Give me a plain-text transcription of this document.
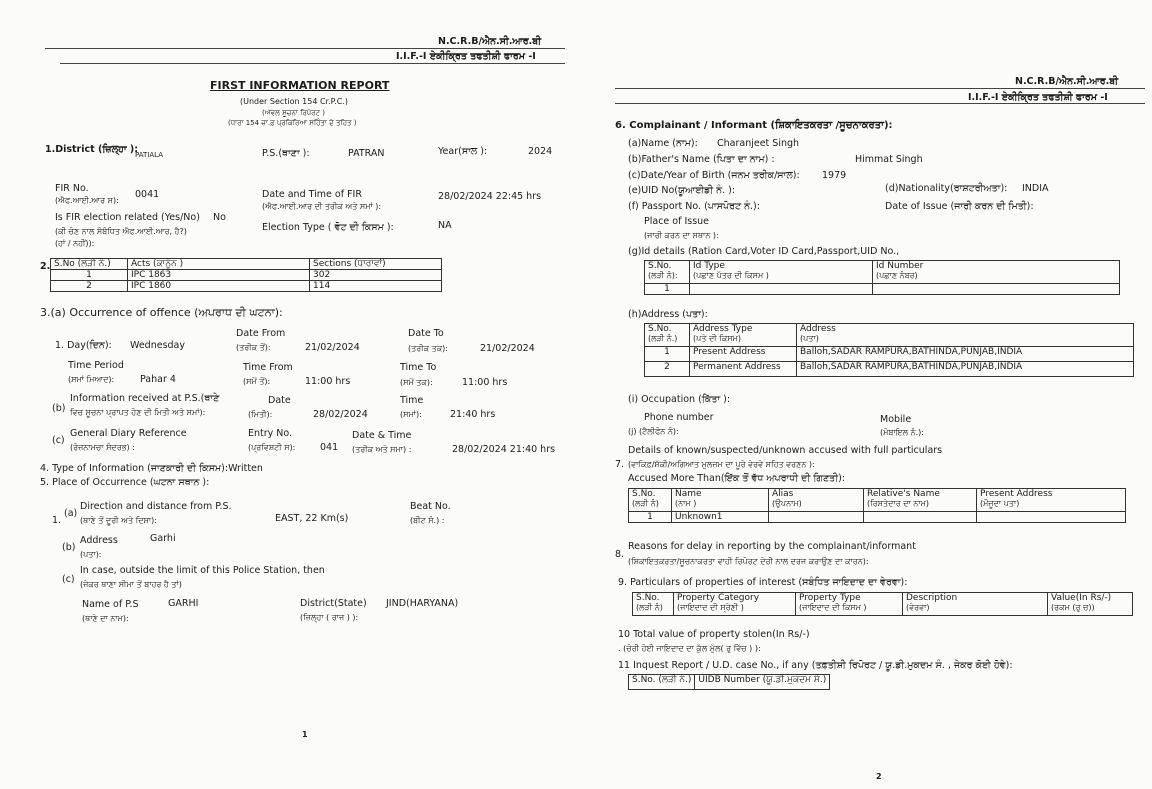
N.C.R.B/ਐਨ.ਸੀ.ਆਰ.ਬੀ
I.I.F.-I ਏਕੀਕ੍ਰਿਤ ਤਫਤੀਸ਼ੀ ਫਾਰਮ -I
FIRST INFORMATION REPORT
(Under Section 154 Cr.P.C.)
(ਅੱਵਲ ਸੂਚਨਾ ਰਿਪੋਰਟ )
(ਧਾਰਾ 154 ਜ਼ਾ.ਫ਼ ਪ੍ਰਕਿਰਿਆ ਸਹਿੰਤਾ ਦੇ ਤਹਿਤ )
1.District (ਜ਼ਿਲ੍ਹਾ ):
PATIALA	P.S.(ਥਾਣਾ ):	PATRAN	Year(ਸਾਲ ):	2024
FIR No.
(ਐਫ.ਆਈ.ਆਰ ਸ):
0041	Date and Time of FIR
(ਐਫ.ਆਈ.ਆਰ ਦੀ ਤਰੀਕ ਅਤੇ ਸਮਾਂ ):
28/02/2024 22:45 hrs
Is FIR election related (Yes/No) No
(ਕੀ ਚੋਣ ਨਾਲ ਸੰਬੰਧਿਤ ਐਫ.ਆਈ.ਆਰ, ਹੈ?)
(ਹਾਂ / ਨਹੀਂ)):
Election Type ( ਵੋਟ ਦੀ ਕਿਸਮ ):	NA
2. S.No (ਲੜੀ ਨੰ.)	Acts (ਕਾਨੂੰਨ )	Sections (ਧਾਰਾਵਾਂ)
1	IPC 1863	302
2	IPC 1860	114
3.(a) Occurrence of offence (ਅਪਰਾਧ ਦੀ ਘਟਨਾ):
1. Day(ਦਿਨ): Wednesday
Date From
(ਤਰੀਕ ਤੋਂ):	21/02/2024
Date To
(ਤਰੀਕ ਤਕ):	21/02/2024
Time Period
(ਸਮਾਂ ਮਿਆਦ):	Pahar 4
Time From
(ਸਮੇਂ ਤੋਂ):	11:00 hrs
Time To
(ਸਮੇਂ ਤਕ):	11:00 hrs
(b)
Information received at P.S.(ਥਾਣੇ
ਵਿਚ ਸੂਚਨਾ ਪ੍ਰਾਪਤ ਹੋਣ ਦੀ ਮਿਤੀ ਅਤੇ ਸਮਾਂ):
Date
(ਮਿਤੀ):	28/02/2024
Time
(ਸਮਾਂ):	21:40 hrs
(c)
General Diary Reference
(ਰੋਜ਼ਨਾਮਚਾ ਸੰਦਰਭ) :
Entry No.
(ਪ੍ਰਵਿਸ਼ਟੀ ਸ):	041
Date & Time
(ਤਰੀਕ ਅਤੇ ਸਮਾ) :	28/02/2024 21:40 hrs
4. Type of Information (ਜਾਣਕਾਰੀ ਦੀ ਕਿਸਮ):Written
5. Place of Occurrence (ਘਟਨਾ ਸਥਾਨ ):
1.
(a)
Direction and distance from P.S.
(ਥਾਣੇ ਤੋਂ ਦੂਰੀ ਅਤੇ ਦਿਸ਼ਾ):	EAST, 22 Km(s)
Beat No.
(ਬੀਟ ਸੰ.) :
(b)
Address
(ਪਤਾ):
Garhi
(c)
In case, outside the limit of this Police Station, then
(ਜੇਕਰ ਥਾਣਾ ਸੀਮਾ ਤੋਂ ਬਾਹਰ ਹੈ ਤਾਂ)
Name of P.S
(ਥਾਣੇ ਦਾ ਨਾਮ):
GARHI	District(State)
(ਜ਼ਿਲ੍ਹਾ ( ਰਾਜ ) ):
JIND(HARYANA)
1
N.C.R.B/ਐਨ.ਸੀ.ਆਰ.ਬੀ
I.I.F.-I ਏਕੀਕ੍ਰਿਤ ਤਫਤੀਸ਼ੀ ਫਾਰਮ -I
6. Complainant / Informant (ਸ਼ਿਕਾਇਤਕਰਤਾ /ਸੂਚਨਾਕਰਤਾ):
(a)Name (ਨਾਮ): Charanjeet Singh
(b)Father's Name (ਪਿਤਾ ਦਾ ਨਾਮ) :	Himmat Singh
(c)Date/Year of Birth (ਜਨਮ ਤਰੀਕ/ਸਾਲ): 1979
(e)UID No(ਯੂਆਈਡੀ ਨੰ. ):	(d)Nationality(ਰਾਸ਼ਟਰੀਅਤਾ): INDIA
(f) Passport No. (ਪਾਸਪੋਰਟ ਨੰ.):	Date of Issue (ਜਾਰੀ ਕਰਨ ਦੀ ਮਿਤੀ):
Place of Issue
(ਜਾਰੀ ਕਰਨ ਦਾ ਸਥਾਨ ):
(g)Id details (Ration Card,Voter ID Card,Passport,UID No.,
S.No.
(ਲੜੀ ਨੰ):	Id Type
(ਪਛਾਣ ਪੱਤਰ ਦੀ ਕਿਸਮ )	Id Number
(ਪਛਾਣ ਨੰਬਰ)
1		
(h)Address (ਪਤਾ):
S.No.
(ਲੜੀ ਨੰ.)	Address Type
(ਪਤੇ ਦੀ ਕਿਸਮ)	Address
(ਪਤਾ)
1	Present Address	Balloh,SADAR RAMPURA,BATHINDA,PUNJAB,INDIA
2	Permanent Address	Balloh,SADAR RAMPURA,BATHINDA,PUNJAB,INDIA
(i) Occupation (ਕਿੱਤਾ ):
Phone number
(j) (ਟੈਲੀਫੋਨ ਨੰ):
Mobile
(ਮੋਬਾਇਲ ਨੰ.):
Details of known/suspected/unknown accused with full particulars
7. (ਵਾਕਿਫ਼/ਸ਼ੱਕੀ/ਅਗਿਆਤ ਮੁਲਜ਼ਮ ਦਾ ਪੂਰੇ ਵੇਰਵੇ ਸਹਿਤ ਵਰਣਨ ):
Accused More Than(ਇੱਕ ਤੋਂ ਵੱਧ ਅਪਰਾਧੀ ਦੀ ਗਿਣਤੀ):
S.No.
(ਲੜੀ ਨੰ)	Name
(ਨਾਮ )	Alias
(ਉਪਨਾਮ)	Relative's Name
(ਰਿਸ਼ਤੇਦਾਰ ਦਾ ਨਾਮ)	Present Address
(ਮੌਜੂਦਾ ਪਤਾ)
1	Unknown1			
8.
Reasons for delay in reporting by the complainant/informant
(ਸ਼ਿਕਾਇਤਕਰਤਾ/ਸੂਚਨਾਕਰਤਾ ਵਾਹੀ ਰਿਪੋਰਟ ਦੇਰੀ ਨਾਲ ਦਰਜ ਕਰਾਉਣ ਦਾ ਕਾਰਨ):
9. Particulars of properties of interest (ਸਬੰਧਿਤ ਜਾਇਦਾਦ ਦਾ ਵੇਰਵਾ):
S.No.
(ਲੜੀ ਨੰ)	Property Category
(ਜਾਇਦਾਦ ਦੀ ਸ੍ਰੇਣੀ )	Property Type
(ਜਾਇਦਾਦ ਦੀ ਕਿਸਮ )	Description
(ਵੇਰਵਾ)	Value(In Rs/-)
(ਰਕਮ (ਰੁ ਚ))
10 Total value of property stolen(In Rs/-)
. (ਚੋਰੀ ਹੋਈ ਜਾਇਦਾਦ ਦਾ ਕੁੱਲ ਮੁੱਲ( ਰੁ ਵਿੱਚ ) ):
11 Inquest Report / U.D. case No., if any (ਤਫ਼ਤੀਸ਼ੀ ਰਿਪੋਰਟ / ਯੂ.ਡੀ.ਮੁਕਦਮ ਸੰ. , ਜੇਕਰ ਕੋਈ ਹੋਵੇ):
S.No. (ਲੜੀ ਨੰ.)	UIDB Number (ਯੂ.ਡੀ.ਮੁਕਦਮ ਸੰ.)
2
